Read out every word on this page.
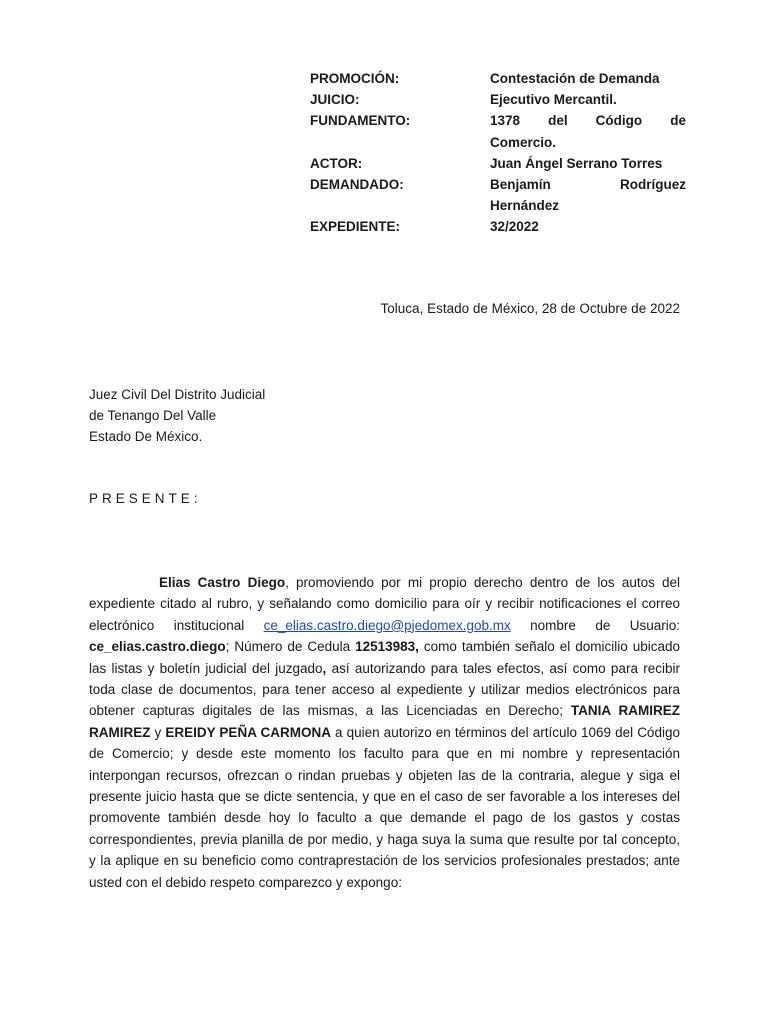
PROMOCIÓN:	Contestación de Demanda
JUICIO:	Ejecutivo Mercantil.
FUNDAMENTO:	1378 del Código de
Comercio.
ACTOR:	Juan Ángel Serrano Torres
DEMANDADO:	Benjamín Rodríguez
Hernández
EXPEDIENTE:	32/2022
Toluca, Estado de México, 28 de Octubre de 2022
Juez Civil Del Distrito Judicial
de Tenango Del Valle
Estado De México.
PRESENTE:
Elias Castro Diego, promoviendo por mi propio derecho dentro de los autos del expediente citado al rubro, y señalando como domicilio para oír y recibir notificaciones el correo electrónico institucional ce_elias.castro.diego@pjedomex.gob.mx nombre de Usuario: ce_elias.castro.diego; Número de Cedula 12513983, como también señalo el domicilio ubicado las listas y boletín judicial del juzgado, así autorizando para tales efectos, así como para recibir toda clase de documentos, para tener acceso al expediente y utilizar medios electrónicos para obtener capturas digitales de las mismas, a las Licenciadas en Derecho; TANIA RAMIREZ RAMIREZ y EREIDY PEÑA CARMONA a quien autorizo en términos del artículo 1069 del Código de Comercio; y desde este momento los faculto para que en mi nombre y representación interpongan recursos, ofrezcan o rindan pruebas y objeten las de la contraria, alegue y siga el presente juicio hasta que se dicte sentencia, y que en el caso de ser favorable a los intereses del promovente también desde hoy lo faculto a que demande el pago de los gastos y costas correspondientes, previa planilla de por medio, y haga suya la suma que resulte por tal concepto, y la aplique en su beneficio como contraprestación de los servicios profesionales prestados; ante usted con el debido respeto comparezco y expongo:
